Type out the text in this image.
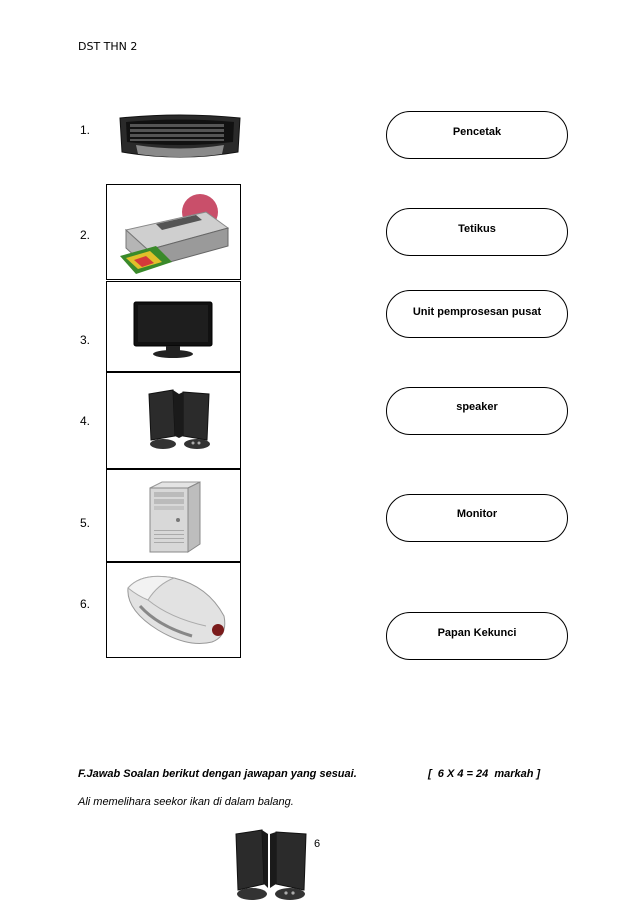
DST THN 2
1.
2.
3.
4.
5.
6.
Pencetak
Tetikus
Unit pemprosesan pusat
speaker
Monitor
Papan Kekunci
F.Jawab Soalan berikut dengan jawapan yang sesuai.	[  6 X 4 = 24  markah ]
Ali memelihara seekor ikan di dalam balang.
6
